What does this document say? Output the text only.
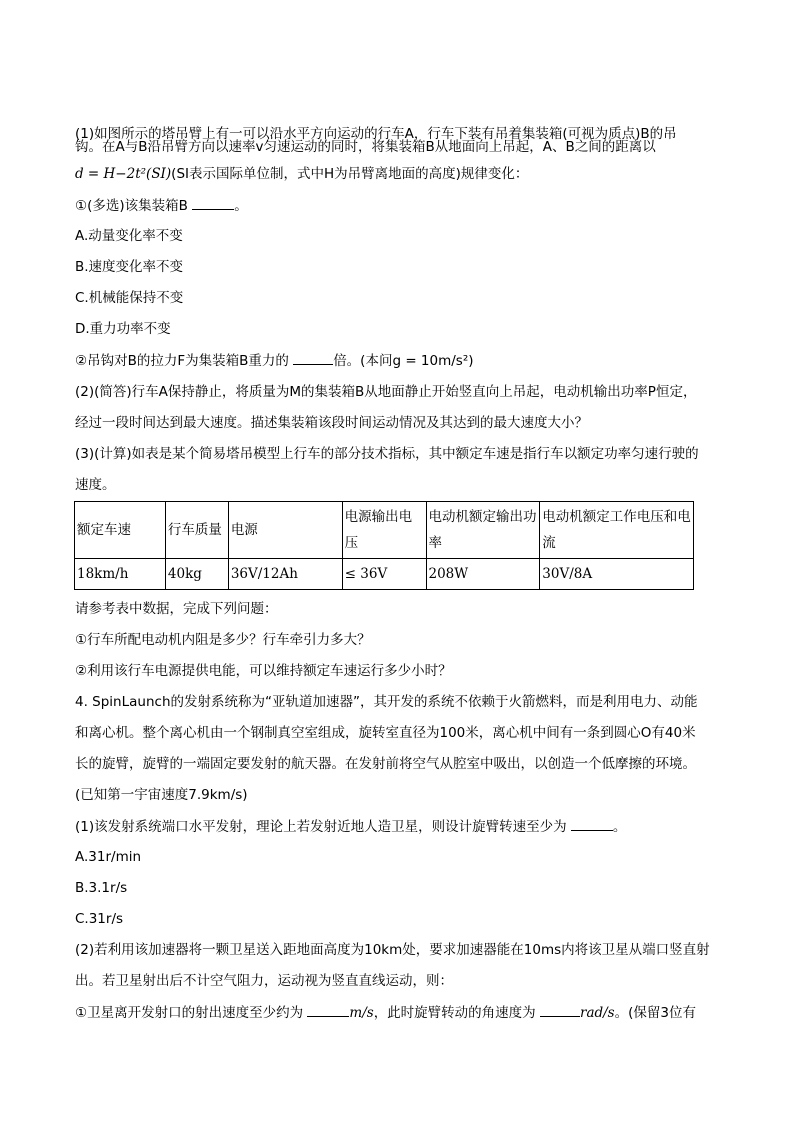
(1)如图所示的塔吊臂上有一可以沿水平方向运动的行车A，行车下装有吊着集装箱(可视为质点)B的吊
钩。在A与B沿吊臂方向以速率v匀速运动的同时，将集装箱B从地面向上吊起，A、B之间的距离以
d = H−2t²(SI)(SI表示国际单位制，式中H为吊臂离地面的高度)规律变化：
①(多选)该集装箱B	。
A.动量变化率不变
B.速度变化率不变
C.机械能保持不变
D.重力功率不变
②吊钩对B的拉力F为集装箱B重力的	倍。(本问g = 10m/s²)
(2)(简答)行车A保持静止，将质量为M的集装箱B从地面静止开始竖直向上吊起，电动机输出功率P恒定，
经过一段时间达到最大速度。描述集装箱该段时间运动情况及其达到的最大速度大小？
(3)(计算)如表是某个简易塔吊模型上行车的部分技术指标，其中额定车速是指行车以额定功率匀速行驶的
速度。
额定车速	行车质量	电源	电源输出电压	电动机额定输出功率	电动机额定工作电压和电流
18km/h	40kg	36V/12Ah	≤ 36V	208W	30V/8A
请参考表中数据，完成下列问题：
①行车所配电动机内阻是多少？行车牵引力多大？
②利用该行车电源提供电能，可以维持额定车速运行多少小时？
4. SpinLaunch的发射系统称为“亚轨道加速器”，其开发的系统不依赖于火箭燃料，而是利用电力、动能
和离心机。整个离心机由一个钢制真空室组成，旋转室直径为100米，离心机中间有一条到圆心O有40米
长的旋臂，旋臂的一端固定要发射的航天器。在发射前将空气从腔室中吸出，以创造一个低摩擦的环境。
(已知第一宇宙速度7.9km/s)
(1)该发射系统端口水平发射，理论上若发射近地人造卫星，则设计旋臂转速至少为	。
A.31r/min
B.3.1r/s
C.31r/s
(2)若利用该加速器将一颗卫星送入距地面高度为10km处，要求加速器能在10ms内将该卫星从端口竖直射
出。若卫星射出后不计空气阻力，运动视为竖直直线运动，则：
①卫星离开发射口的射出速度至少约为	m/s，此时旋臂转动的角速度为	rad/s。(保留3位有
